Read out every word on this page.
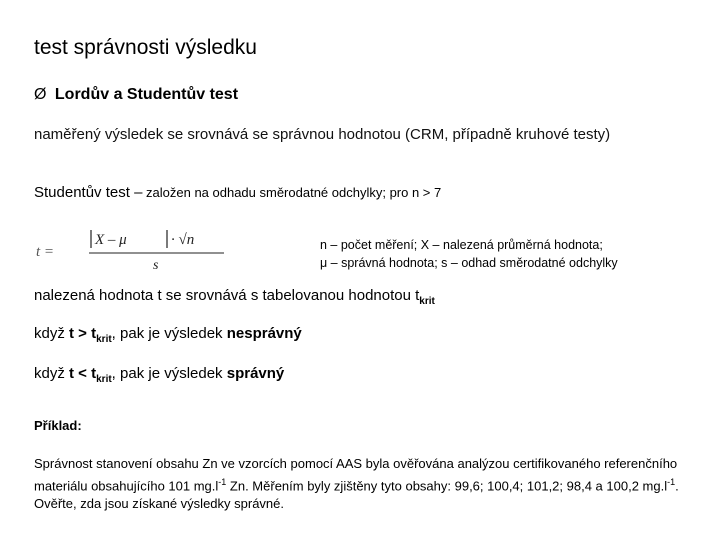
test správnosti výsledku
Ø Lordův a Studentův test
naměřený výsledek se srovnává se správnou hodnotou (CRM, případně kruhové testy)
Studentův test – založen na odhadu směrodatné odchylky; pro n > 7
t =
X – μ	· √n
s
n – počet měření; X – nalezená průměrná hodnota;
μ – správná hodnota; s – odhad směrodatné odchylky
nalezená hodnota t se srovnává s tabelovanou hodnotou $t_{krit}$
když $t > t_{krit}$, pak je výsledek nesprávný
když $t < t_{krit}$, pak je výsledek správný
Příklad:
Správnost stanovení obsahu Zn ve vzorcích pomocí AAS byla ověřována analýzou certifikovaného referenčního materiálu obsahujícího 101 $mg.l^{-1}$ Zn. Měřením byly zjištěny tyto obsahy: 99,6; 100,4; 101,2; 98,4 a 100,2 $mg.l^{-1}$. Ověřte, zda jsou získané výsledky správné.
